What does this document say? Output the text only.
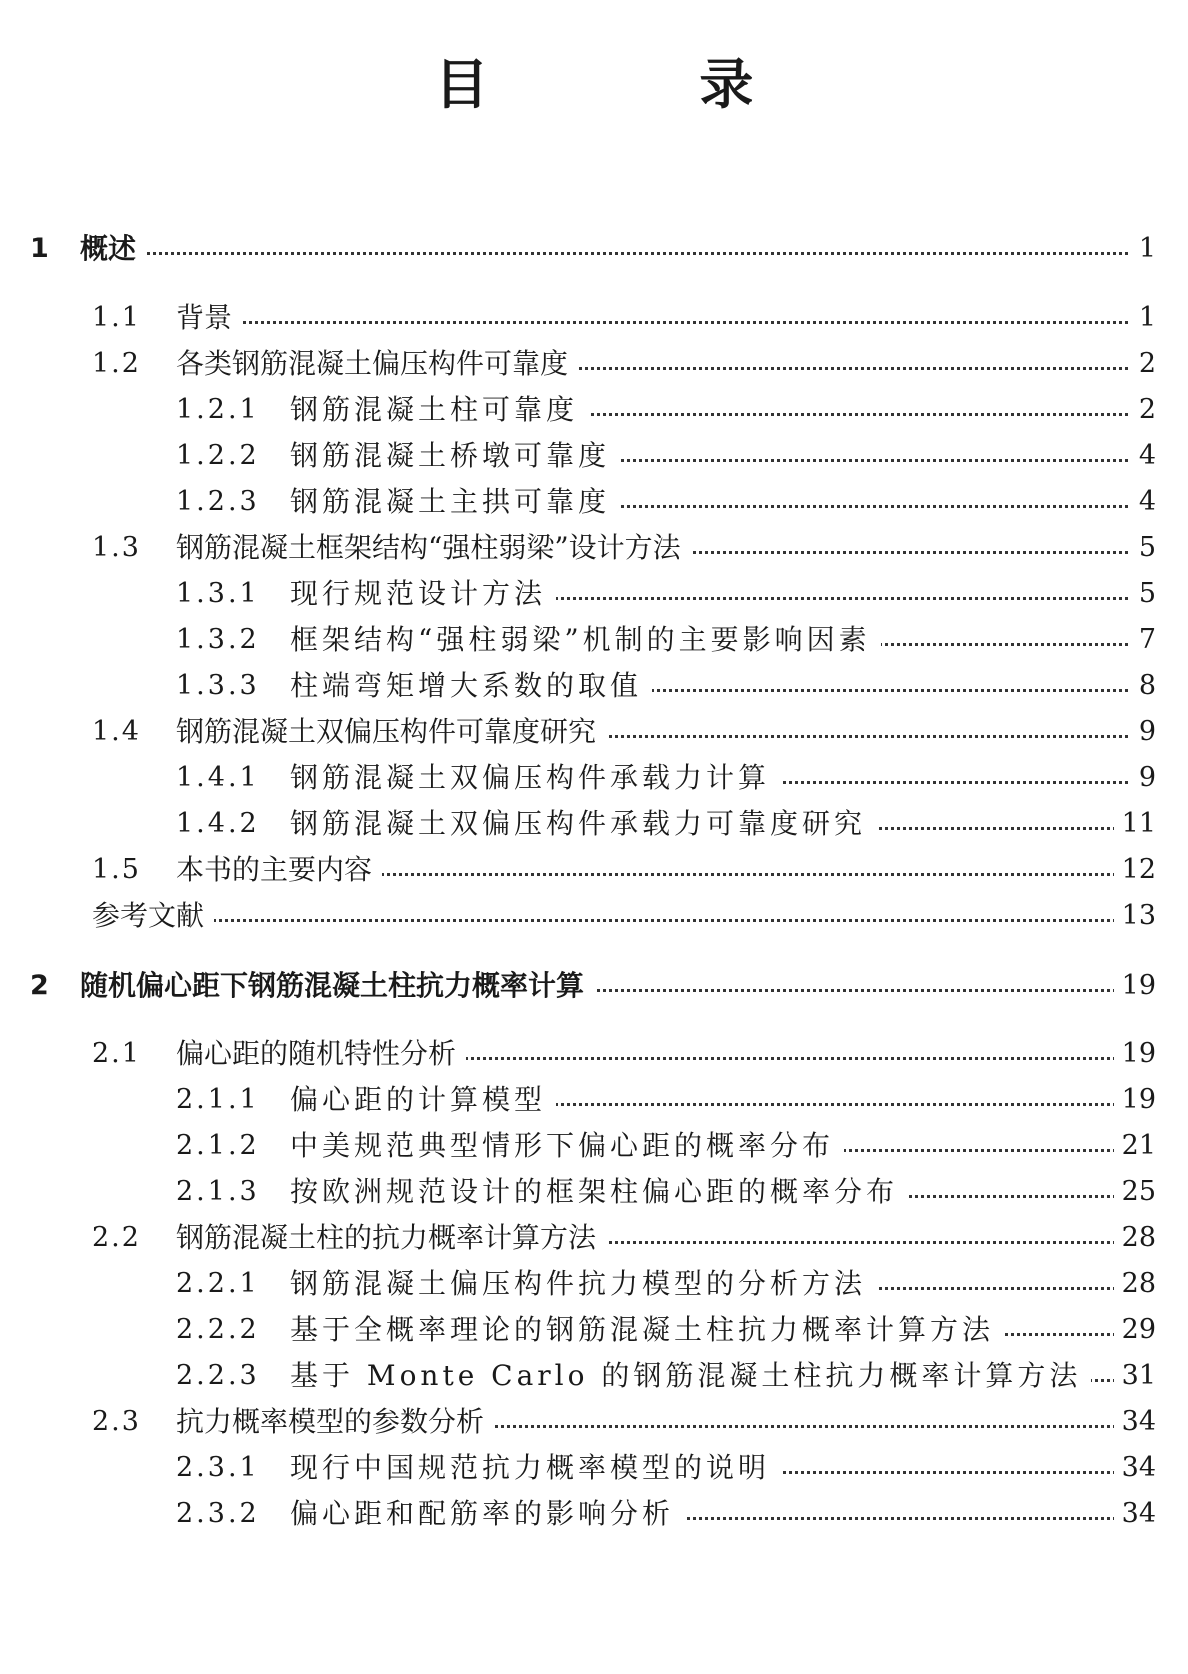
目 录
1 概述	1
1.1 背景	1
1.2 各类钢筋混凝土偏压构件可靠度	2
1.2.1 钢筋混凝土柱可靠度	2
1.2.2 钢筋混凝土桥墩可靠度	4
1.2.3 钢筋混凝土主拱可靠度	4
1.3 钢筋混凝土框架结构“强柱弱梁”设计方法	5
1.3.1 现行规范设计方法	5
1.3.2 框架结构“强柱弱梁”机制的主要影响因素	7
1.3.3 柱端弯矩增大系数的取值	8
1.4 钢筋混凝土双偏压构件可靠度研究	9
1.4.1 钢筋混凝土双偏压构件承载力计算	9
1.4.2 钢筋混凝土双偏压构件承载力可靠度研究	11
1.5 本书的主要内容	12
参考文献	13
2 随机偏心距下钢筋混凝土柱抗力概率计算	19
2.1 偏心距的随机特性分析	19
2.1.1 偏心距的计算模型	19
2.1.2 中美规范典型情形下偏心距的概率分布	21
2.1.3 按欧洲规范设计的框架柱偏心距的概率分布	25
2.2 钢筋混凝土柱的抗力概率计算方法	28
2.2.1 钢筋混凝土偏压构件抗力模型的分析方法	28
2.2.2 基于全概率理论的钢筋混凝土柱抗力概率计算方法	29
2.2.3 基于 Monte Carlo 的钢筋混凝土柱抗力概率计算方法	31
2.3 抗力概率模型的参数分析	34
2.3.1 现行中国规范抗力概率模型的说明	34
2.3.2 偏心距和配筋率的影响分析	34
